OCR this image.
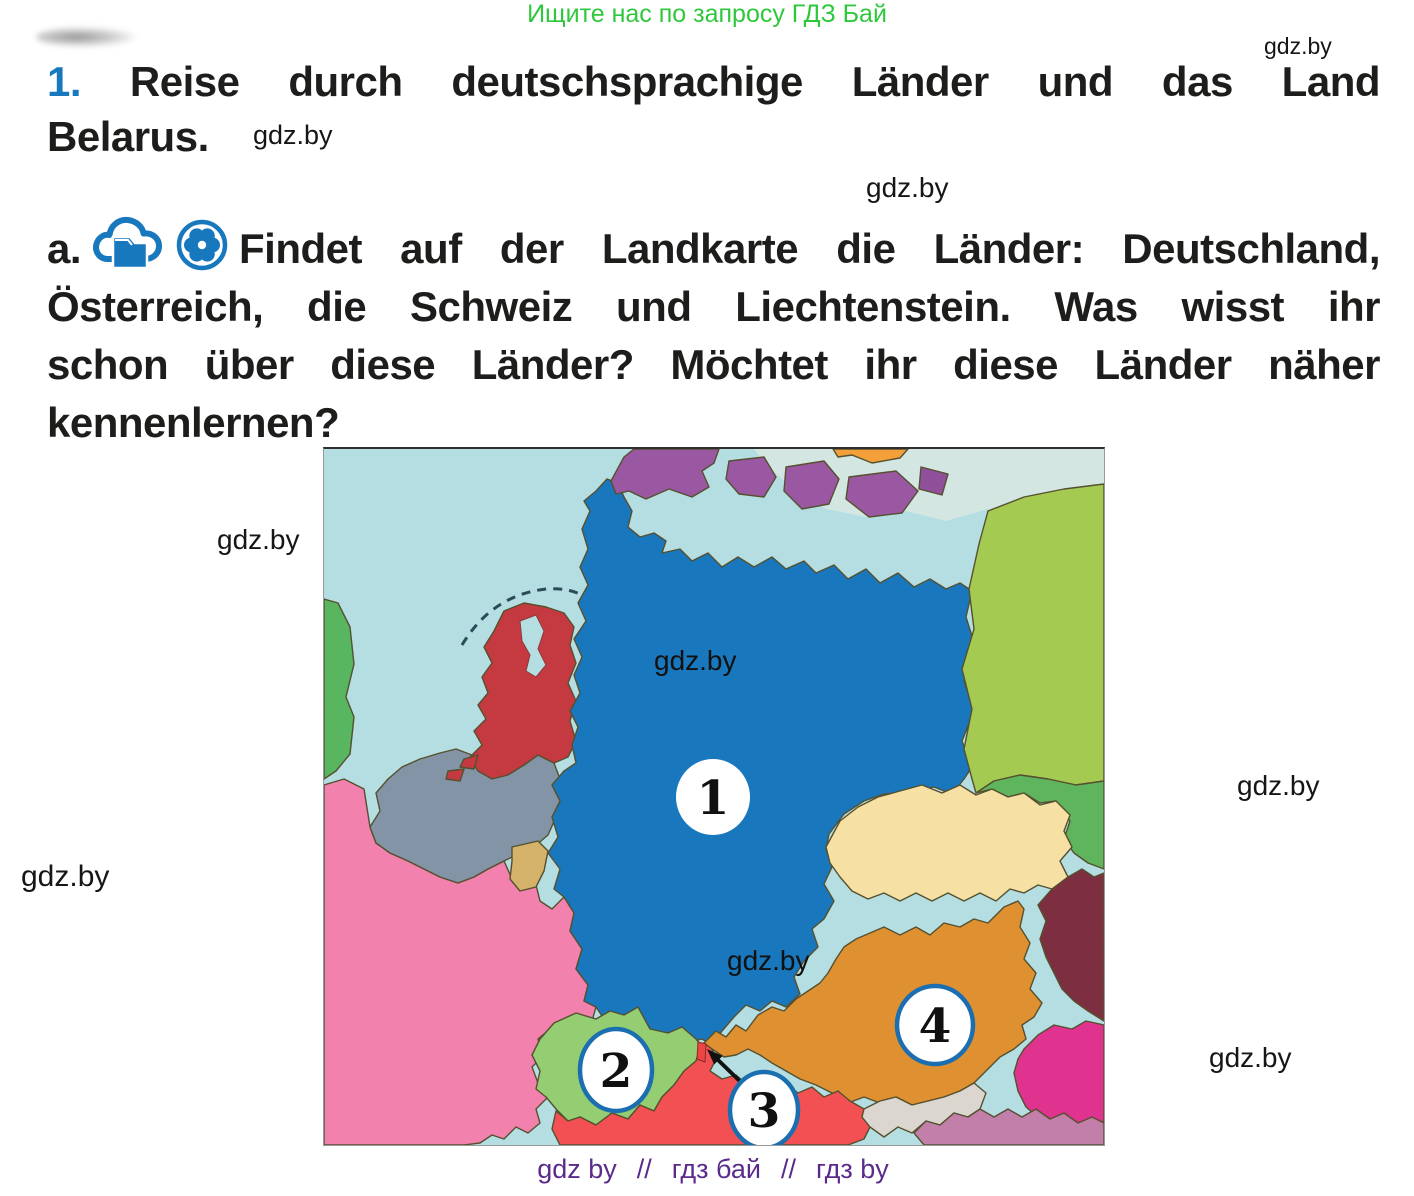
Ищите нас по запросу ГДЗ Бай
gdz.by
gdz.by
gdz.by
gdz.by
gdz.by
gdz.by
gdz.by
1. Reise durch deutschsprachige Länder und das Land
Belarus.
a.	Findet auf der Landkarte die Länder: Deutschland,
Österreich, die Schweiz und Liechtenstein. Was wisst ihr
schon über diese Länder? Möchtet ihr diese Länder näher
kennenlernen?
1
2
3
4
gdz.by
gdz.by
gdz by // гдз бай // гдз by
